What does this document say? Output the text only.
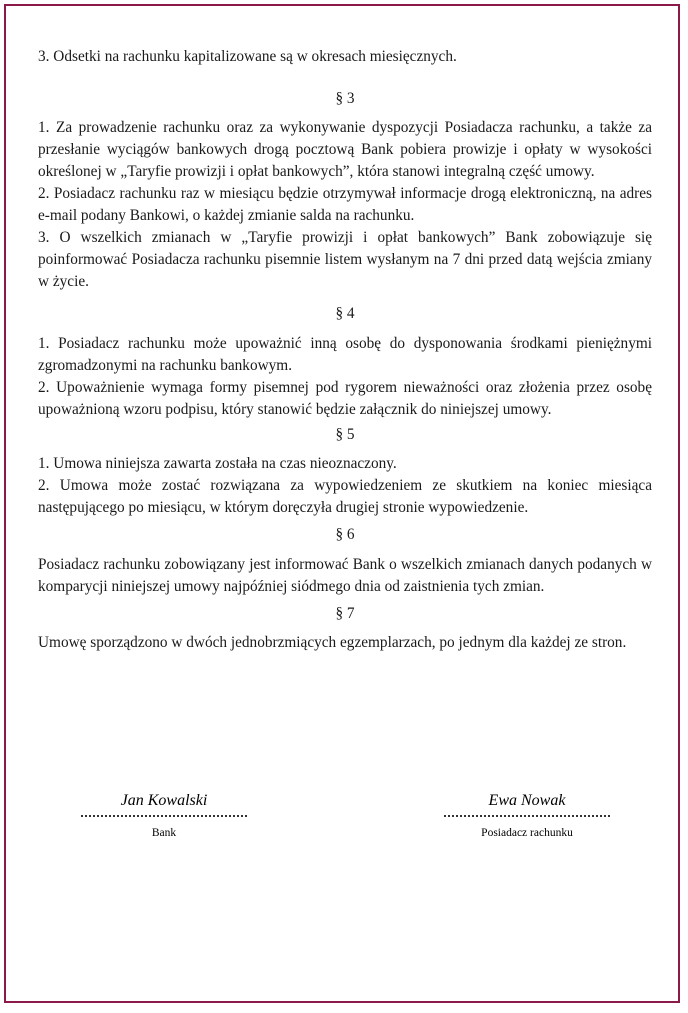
3. Odsetki na rachunku kapitalizowane są w okresach miesięcznych.

§ 3

1. Za prowadzenie rachunku oraz za wykonywanie dyspozycji Posiadacza rachunku, a także za przesłanie wyciągów bankowych drogą pocztową Bank pobiera prowizje i opłaty w wysokości określonej w „Taryfie prowizji i opłat bankowych”, która stanowi integralną część umowy.

2. Posiadacz rachunku raz w miesiącu będzie otrzymywał informacje drogą elektroniczną, na adres e-mail podany Bankowi, o każdej zmianie salda na rachunku.

3. O wszelkich zmianach w „Taryfie prowizji i opłat bankowych” Bank zobowiązuje się poinformować Posiadacza rachunku pisemnie listem wysłanym na 7 dni przed datą wejścia zmiany w życie.

§ 4

1. Posiadacz rachunku może upoważnić inną osobę do dysponowania środkami pieniężnymi zgromadzonymi na rachunku bankowym.

2. Upoważnienie wymaga formy pisemnej pod rygorem nieważności oraz złożenia przez osobę upoważnioną wzoru podpisu, który stanowić będzie załącznik do niniejszej umowy.

§ 5

1. Umowa niniejsza zawarta została na czas nieoznaczony.

2. Umowa może zostać rozwiązana za wypowiedzeniem ze skutkiem na koniec miesiąca następującego po miesiącu, w którym doręczyła drugiej stronie wypowiedzenie.

§ 6

Posiadacz rachunku zobowiązany jest informować Bank o wszelkich zmianach danych podanych w komparycji niniejszej umowy najpóźniej siódmego dnia od zaistnienia tych zmian.

§ 7

Umowę sporządzono w dwóch jednobrzmiących egzemplarzach, po jednym dla każdej ze stron.

Jan Kowalski
Bank
Ewa Nowak
Posiadacz rachunku
